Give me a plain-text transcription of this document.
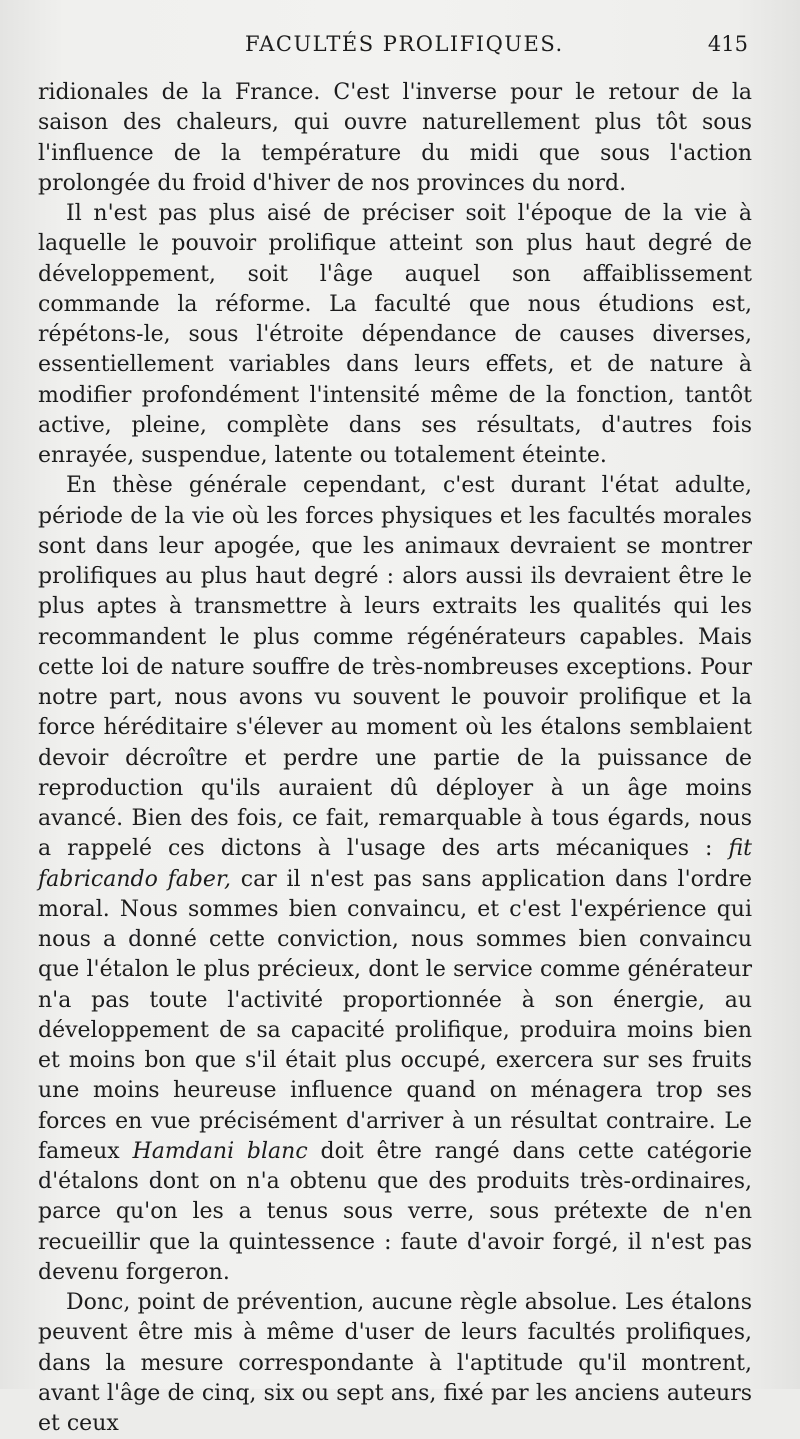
FACULTÉS PROLIFIQUES.	415

ridionales de la France. C'est l'inverse pour le retour de la saison des chaleurs, qui ouvre naturellement plus tôt sous l'influence de la température du midi que sous l'action prolongée du froid d'hiver de nos provinces du nord.

Il n'est pas plus aisé de préciser soit l'époque de la vie à laquelle le pouvoir prolifique atteint son plus haut degré de développement, soit l'âge auquel son affaiblissement commande la réforme. La faculté que nous étudions est, répétons-le, sous l'étroite dépendance de causes diverses, essentiellement variables dans leurs effets, et de nature à modifier profondément l'intensité même de la fonction, tantôt active, pleine, complète dans ses résultats, d'autres fois enrayée, suspendue, latente ou totalement éteinte.

En thèse générale cependant, c'est durant l'état adulte, période de la vie où les forces physiques et les facultés morales sont dans leur apogée, que les animaux devraient se montrer prolifiques au plus haut degré : alors aussi ils devraient être le plus aptes à transmettre à leurs extraits les qualités qui les recommandent le plus comme régénérateurs capables. Mais cette loi de nature souffre de très-nombreuses exceptions. Pour notre part, nous avons vu souvent le pouvoir prolifique et la force héréditaire s'élever au moment où les étalons semblaient devoir décroître et perdre une partie de la puissance de reproduction qu'ils auraient dû déployer à un âge moins avancé. Bien des fois, ce fait, remarquable à tous égards, nous a rappelé ces dictons à l'usage des arts mécaniques : fit fabricando faber, car il n'est pas sans application dans l'ordre moral. Nous sommes bien convaincu, et c'est l'expérience qui nous a donné cette conviction, nous sommes bien convaincu que l'étalon le plus précieux, dont le service comme générateur n'a pas toute l'activité proportionnée à son énergie, au développement de sa capacité prolifique, produira moins bien et moins bon que s'il était plus occupé, exercera sur ses fruits une moins heureuse influence quand on ménagera trop ses forces en vue précisément d'arriver à un résultat contraire. Le fameux Hamdani blanc doit être rangé dans cette catégorie d'étalons dont on n'a obtenu que des produits très-ordinaires, parce qu'on les a tenus sous verre, sous prétexte de n'en recueillir que la quintessence : faute d'avoir forgé, il n'est pas devenu forgeron.

Donc, point de prévention, aucune règle absolue. Les étalons peuvent être mis à même d'user de leurs facultés prolifiques, dans la mesure correspondante à l'aptitude qu'il montrent, avant l'âge de cinq, six ou sept ans, fixé par les anciens auteurs et ceux
